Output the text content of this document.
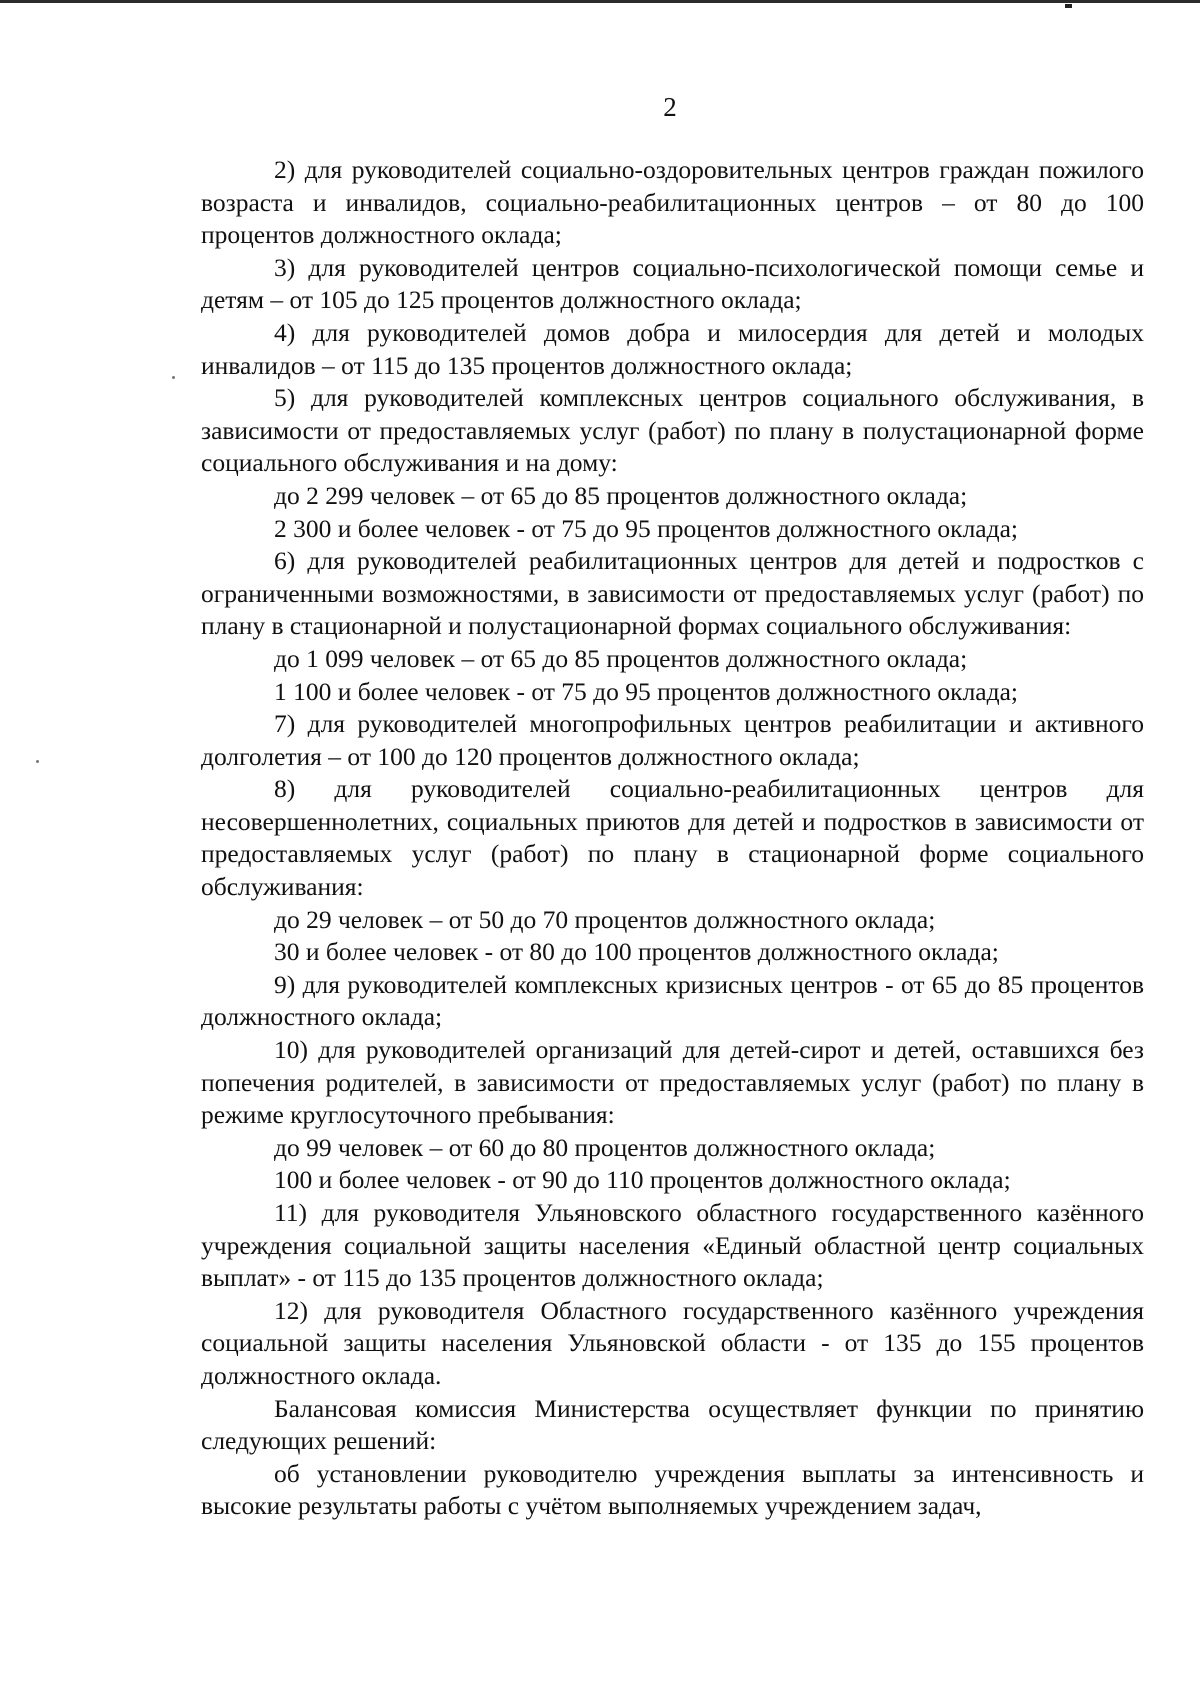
2

2) для руководителей социально-оздоровительных центров граждан пожилого возраста и инвалидов, социально-реабилитационных центров – от 80 до 100 процентов должностного оклада;

3) для руководителей центров социально-психологической помощи семье и детям – от 105 до 125 процентов должностного оклада;

4) для руководителей домов добра и милосердия для детей и молодых инвалидов – от 115 до 135 процентов должностного оклада;

5) для руководителей комплексных центров социального обслуживания, в зависимости от предоставляемых услуг (работ) по плану в полустационарной форме социального обслуживания и на дому:

до 2 299 человек – от 65 до 85 процентов должностного оклада;

2 300 и более человек - от 75 до 95 процентов должностного оклада;

6) для руководителей реабилитационных центров для детей и подростков с ограниченными возможностями, в зависимости от предоставляемых услуг (работ) по плану в стационарной и полустационарной формах социального обслуживания:

до 1 099 человек – от 65 до 85 процентов должностного оклада;

1 100 и более человек - от 75 до 95 процентов должностного оклада;

7) для руководителей многопрофильных центров реабилитации и активного долголетия – от 100 до 120 процентов должностного оклада;

8) для руководителей социально-реабилитационных центров для несовершеннолетних, социальных приютов для детей и подростков в зависимости от предоставляемых услуг (работ) по плану в стационарной форме социального обслуживания:

до 29 человек – от 50 до 70 процентов должностного оклада;

30 и более человек - от 80 до 100 процентов должностного оклада;

9) для руководителей комплексных кризисных центров - от 65 до 85 процентов должностного оклада;

10) для руководителей организаций для детей-сирот и детей, оставшихся без попечения родителей, в зависимости от предоставляемых услуг (работ) по плану в режиме круглосуточного пребывания:

до 99 человек – от 60 до 80 процентов должностного оклада;

100 и более человек - от 90 до 110 процентов должностного оклада;

11) для руководителя Ульяновского областного государственного казённого учреждения социальной защиты населения «Единый областной центр социальных выплат» - от 115 до 135 процентов должностного оклада;

12) для руководителя Областного государственного казённого учреждения социальной защиты населения Ульяновской области - от 135 до 155 процентов должностного оклада.

Балансовая комиссия Министерства осуществляет функции по принятию следующих решений:

об установлении руководителю учреждения выплаты за интенсивность и высокие результаты работы с учётом выполняемых учреждением задач,
